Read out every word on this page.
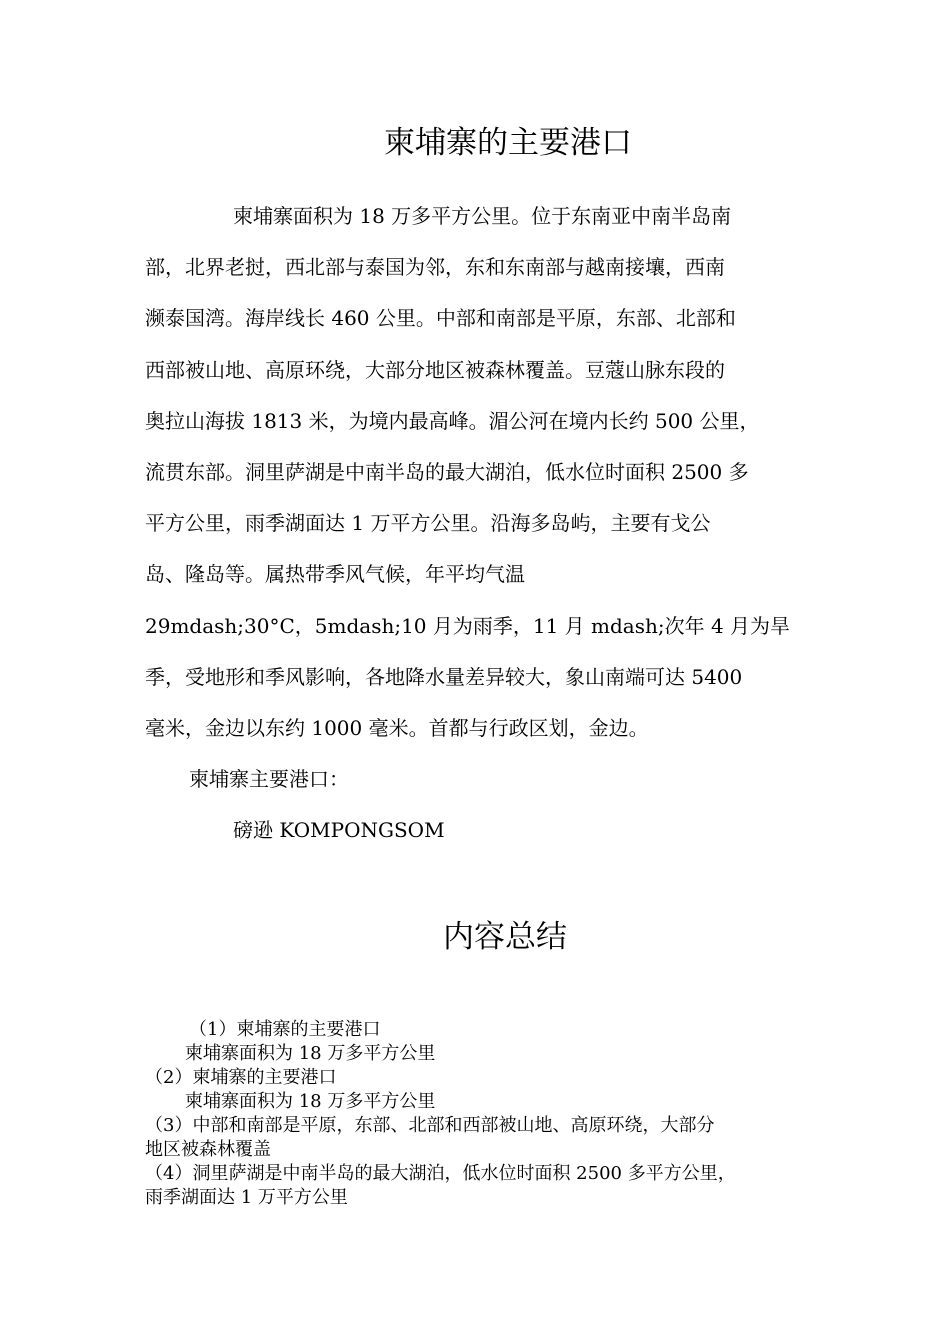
柬埔寨的主要港口
柬埔寨面积为 18 万多平方公里。位于东南亚中南半岛南
部，北界老挝，西北部与泰国为邻，东和东南部与越南接壤，西南
濒泰国湾。海岸线长 460 公里。中部和南部是平原，东部、北部和
西部被山地、高原环绕，大部分地区被森林覆盖。豆蔻山脉东段的
奥拉山海拔 1813 米，为境内最高峰。湄公河在境内长约 500 公里，
流贯东部。洞里萨湖是中南半岛的最大湖泊，低水位时面积 2500 多
平方公里，雨季湖面达 1 万平方公里。沿海多岛屿，主要有戈公
岛、隆岛等。属热带季风气候，年平均气温
29mdash;30°C，5mdash;10 月为雨季，11 月 mdash;次年 4 月为旱
季，受地形和季风影响，各地降水量差异较大，象山南端可达 5400
毫米，金边以东约 1000 毫米。首都与行政区划，金边。
柬埔寨主要港口：
磅逊 KOMPONGSOM
内容总结
（1）柬埔寨的主要港口
柬埔寨面积为 18 万多平方公里
（2）柬埔寨的主要港口
柬埔寨面积为 18 万多平方公里
（3）中部和南部是平原，东部、北部和西部被山地、高原环绕，大部分
地区被森林覆盖
（4）洞里萨湖是中南半岛的最大湖泊，低水位时面积 2500 多平方公里，
雨季湖面达 1 万平方公里
